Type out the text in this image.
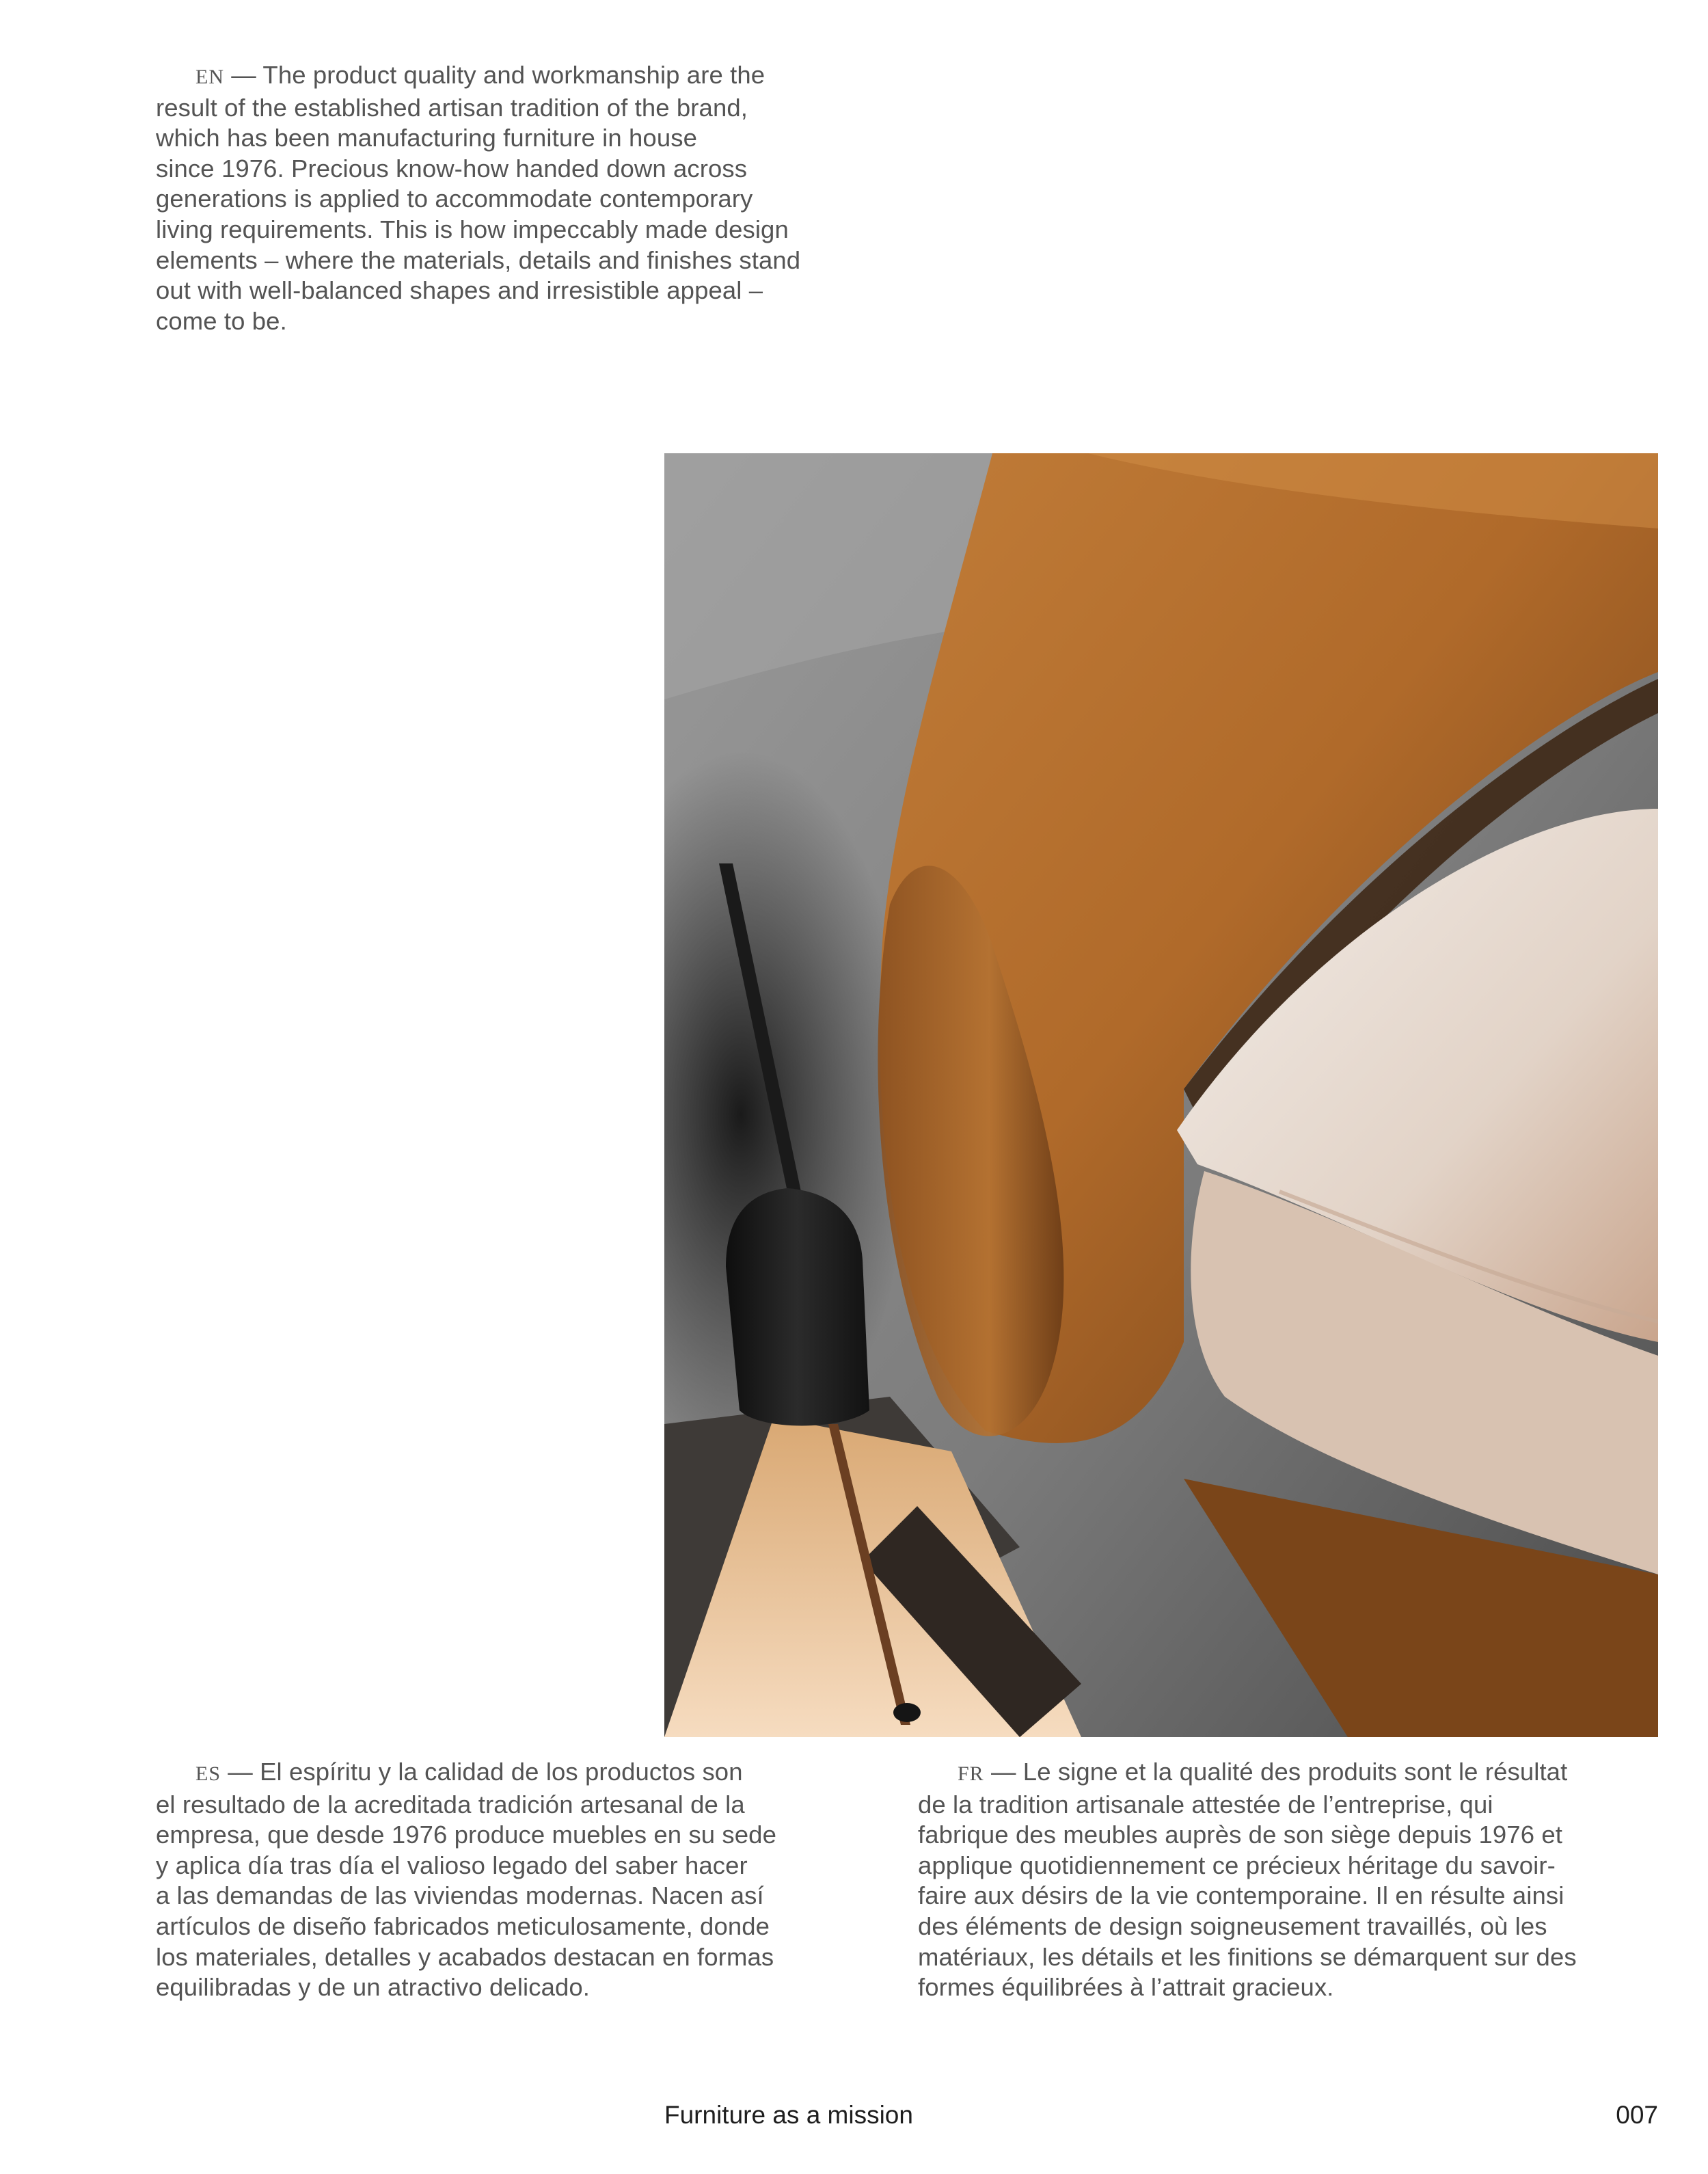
EN — The product quality and workmanship are the
result of the established artisan tradition of the brand,
which has been manufacturing furniture in house
since 1976. Precious know-how handed down across
generations is applied to accommodate contemporary
living requirements. This is how impeccably made design
elements – where the materials, details and finishes stand
out with well-balanced shapes and irresistible appeal –
come to be.

ES — El espíritu y la calidad de los productos son
el resultado de la acreditada tradición artesanal de la
empresa, que desde 1976 produce muebles en su sede
y aplica día tras día el valioso legado del saber hacer
a las demandas de las viviendas modernas. Nacen así
artículos de diseño fabricados meticulosamente, donde
los materiales, detalles y acabados destacan en formas
equilibradas y de un atractivo delicado.

FR — Le signe et la qualité des produits sont le résultat
de la tradition artisanale attestée de l’entreprise, qui
fabrique des meubles auprès de son siège depuis 1976 et
applique quotidiennement ce précieux héritage du savoir-
faire aux désirs de la vie contemporaine. Il en résulte ainsi
des éléments de design soigneusement travaillés, où les
matériaux, les détails et les finitions se démarquent sur des
formes équilibrées à l’attrait gracieux.

Furniture as a mission	007
